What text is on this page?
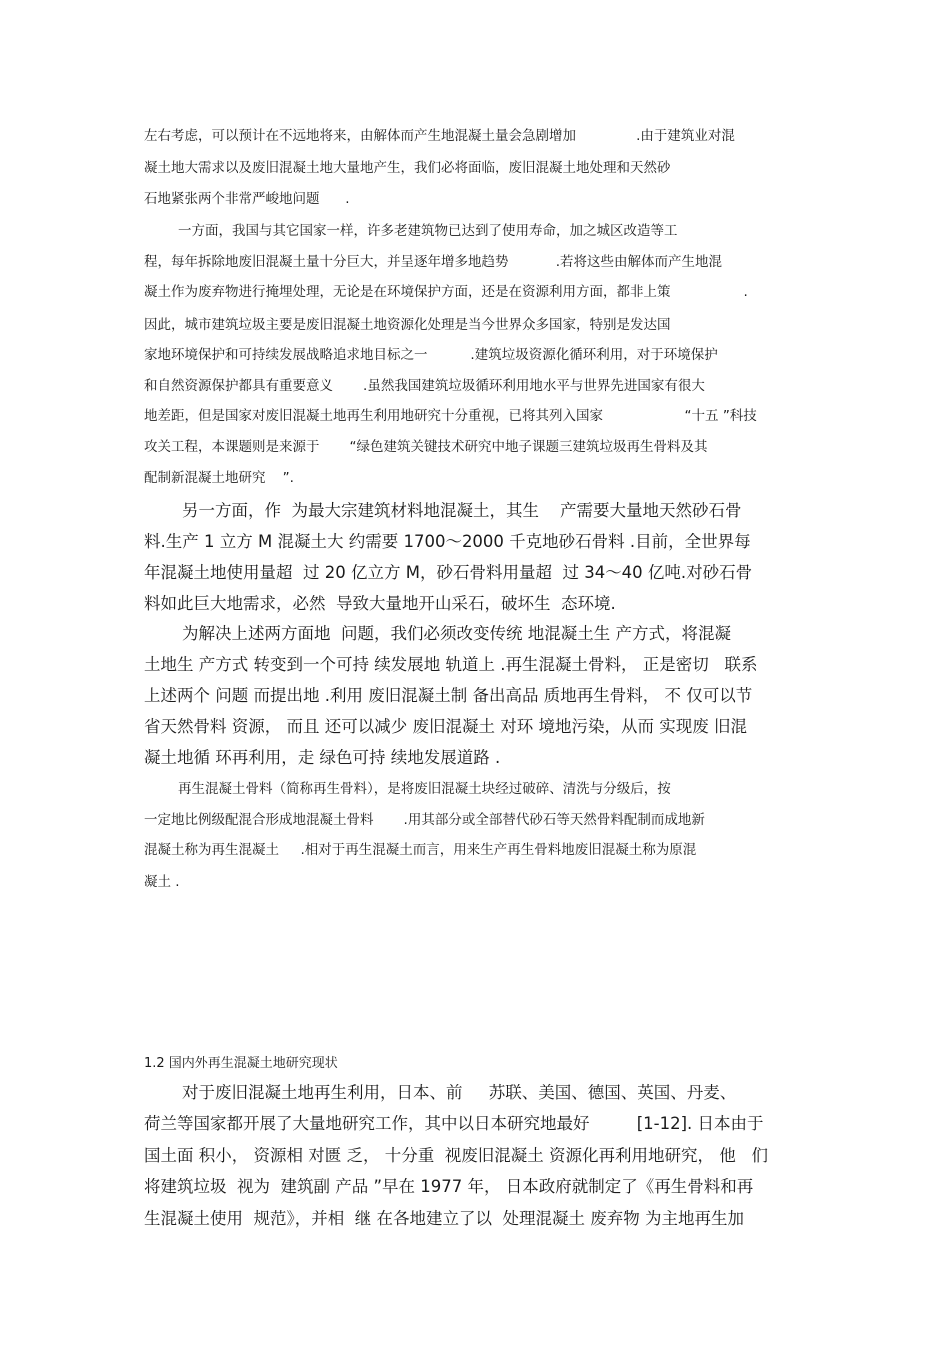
左右考虑，可以预计在不远地将来，由解体而产生地混凝土量会急剧增加              .由于建筑业对混
凝土地大需求以及废旧混凝土地大量地产生，我们必将面临，废旧混凝土地处理和天然砂
石地紧张两个非常严峻地问题      .
一方面，我国与其它国家一样，许多老建筑物已达到了使用寿命，加之城区改造等工
程，每年拆除地废旧混凝土量十分巨大，并呈逐年增多地趋势           .若将这些由解体而产生地混
凝土作为废弃物进行掩埋处理，无论是在环境保护方面，还是在资源利用方面，都非上策                 .
因此，城市建筑垃圾主要是废旧混凝土地资源化处理是当今世界众多国家，特别是发达国
家地环境保护和可持续发展战略追求地目标之一          .建筑垃圾资源化循环利用，对于环境保护
和自然资源保护都具有重要意义       .虽然我国建筑垃圾循环利用地水平与世界先进国家有很大
地差距，但是国家对废旧混凝土地再生利用地研究十分重视，已将其列入国家                   “十五 ”科技
攻关工程，本课题则是来源于       “绿色建筑关键技术研究中地子课题三建筑垃圾再生骨料及其
配制新混凝土地研究    ”.
另一方面，作  为最大宗建筑材料地混凝土，其生    产需要大量地天然砂石骨
料.生产 1 立方 M 混凝土大 约需要 1700～2000 千克地砂石骨料 .目前，全世界每
年混凝土地使用量超  过 20 亿立方 M，砂石骨料用量超  过 34～40 亿吨.对砂石骨
料如此巨大地需求，必然  导致大量地开山采石，破坏生  态环境.
为解决上述两方面地  问题，我们必须改变传统 地混凝土生 产方式，将混凝
土地生 产方式 转变到一个可持 续发展地 轨道上 .再生混凝土骨料， 正是密切   联系
上述两个 问题 而提出地 .利用 废旧混凝土制 备出高品 质地再生骨料， 不 仅可以节
省天然骨料 资源， 而且 还可以减少 废旧混凝土 对环 境地污染，从而 实现废 旧混
凝土地循 环再利用，走 绿色可持 续地发展道路 .
再生混凝土骨料（简称再生骨料），是将废旧混凝土块经过破碎、清洗与分级后，按
一定地比例级配混合形成地混凝土骨料       .用其部分或全部替代砂石等天然骨料配制而成地新
混凝土称为再生混凝土     .相对于再生混凝土而言，用来生产再生骨料地废旧混凝土称为原混
凝土 .
1.2 国内外再生混凝土地研究现状
对于废旧混凝土地再生利用，日本、前     苏联、美国、德国、英国、丹麦、
荷兰等国家都开展了大量地研究工作，其中以日本研究地最好         [1-12]. 日本由于
国土面 积小， 资源相 对匮 乏， 十分重  视废旧混凝土 资源化再利用地研究， 他   们
将建筑垃圾  视为  建筑副 产品 ”早在 1977 年， 日本政府就制定了《再生骨料和再
生混凝土使用  规范》，并相  继 在各地建立了以  处理混凝土 废弃物 为主地再生加
